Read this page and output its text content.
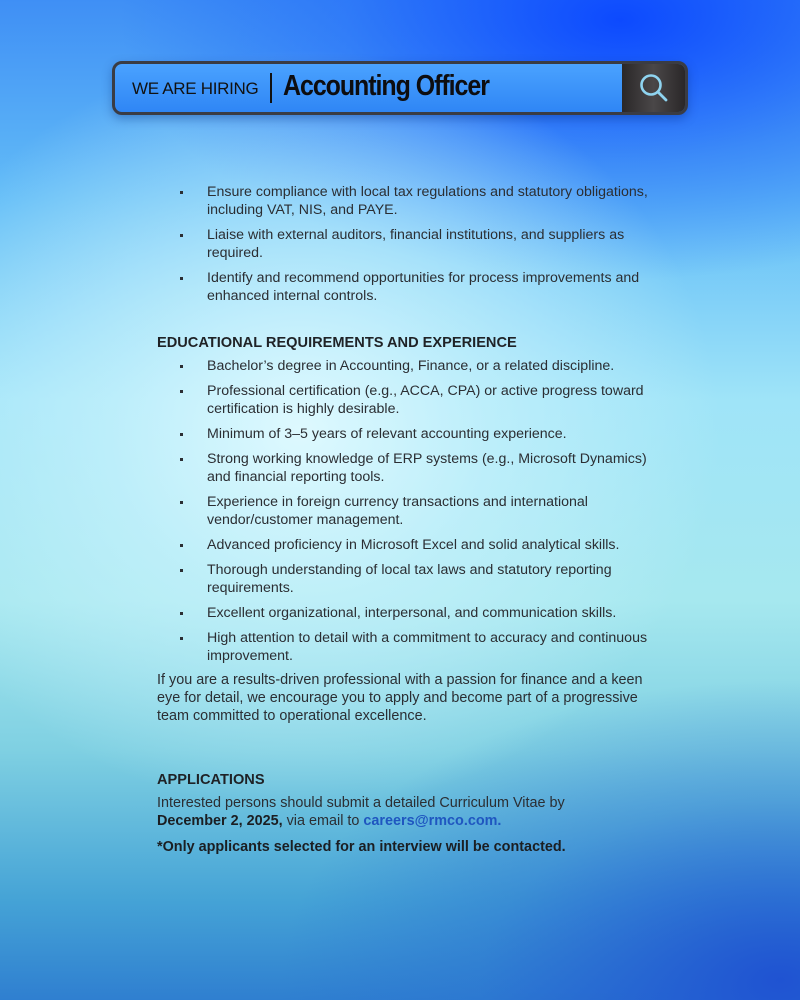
WE ARE HIRING Accounting Officer
Ensure compliance with local tax regulations and statutory obligations, including VAT, NIS, and PAYE.
Liaise with external auditors, financial institutions, and suppliers as required.
Identify and recommend opportunities for process improvements and enhanced internal controls.
EDUCATIONAL REQUIREMENTS AND EXPERIENCE
Bachelor’s degree in Accounting, Finance, or a related discipline.
Professional certification (e.g., ACCA, CPA) or active progress toward certification is highly desirable.
Minimum of 3–5 years of relevant accounting experience.
Strong working knowledge of ERP systems (e.g., Microsoft Dynamics) and financial reporting tools.
Experience in foreign currency transactions and international vendor/customer management.
Advanced proficiency in Microsoft Excel and solid analytical skills.
Thorough understanding of local tax laws and statutory reporting requirements.
Excellent organizational, interpersonal, and communication skills.
High attention to detail with a commitment to accuracy and continuous improvement.

If you are a results-driven professional with a passion for finance and a keen eye for detail, we encourage you to apply and become part of a progressive team committed to operational excellence.

APPLICATIONS

Interested persons should submit a detailed Curriculum Vitae by
December 2, 2025, via email to careers@rmco.com.

*Only applicants selected for an interview will be contacted.
